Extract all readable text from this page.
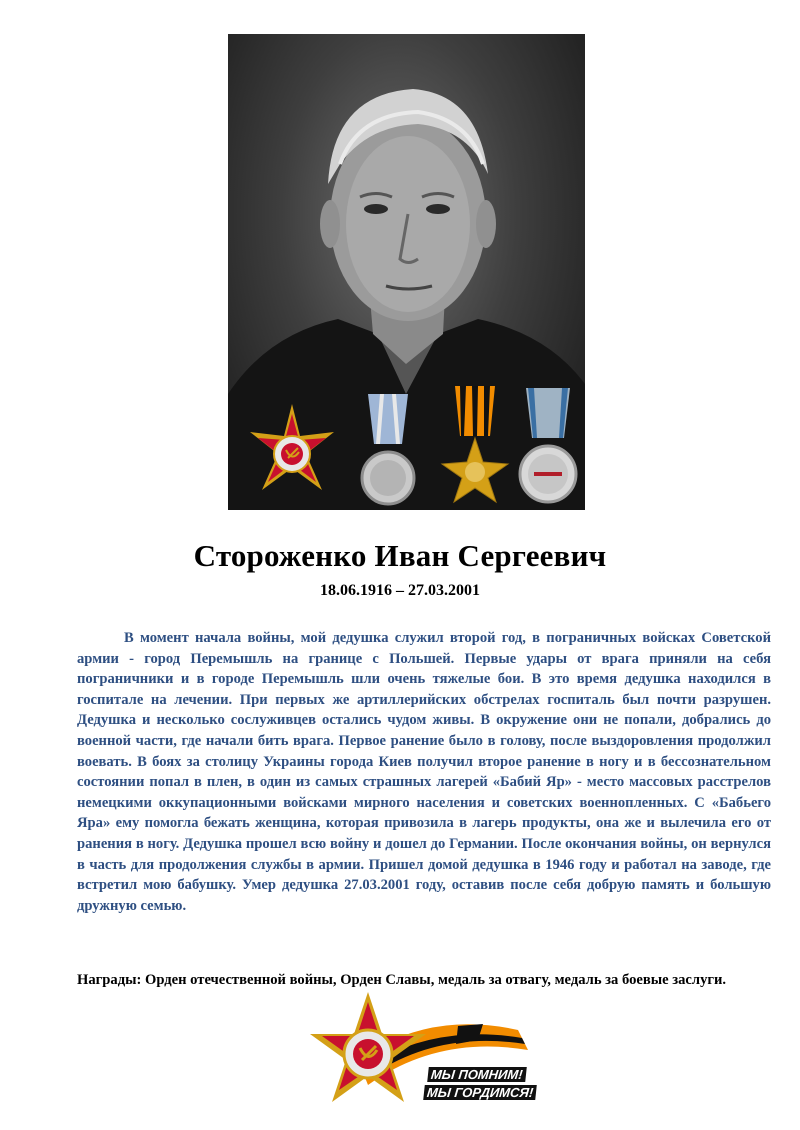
Стороженко Иван Сергеевич
18.06.1916 – 27.03.2001

В момент начала войны, мой дедушка служил второй год, в пограничных войсках Советской армии - город Перемышль на границе с Польшей. Первые удары от врага приняли на себя пограничники и в городе Перемышль шли очень тяжелые бои. В это время дедушка находился в госпитале на лечении. При первых же артиллерийских обстрелах госпиталь был почти разрушен. Дедушка и несколько сослуживцев остались чудом живы. В окружение они не попали, добрались до военной части, где начали бить врага. Первое ранение было в голову, после выздоровления продолжил воевать. В боях за столицу Украины города Киев получил второе ранение в ногу и в бессознательном состоянии попал в плен, в один из самых страшных лагерей «Бабий Яр» - место массовых расстрелов немецкими оккупационными войсками мирного населения и советских военнопленных. С «Бабьего Яра» ему помогла бежать женщина, которая привозила в лагерь продукты, она же и вылечила его от ранения в ногу. Дедушка прошел всю войну и дошел до Германии. После окончания войны, он вернулся в часть для продолжения службы в армии. Пришел домой дедушка в 1946 году и работал на заводе, где встретил мою бабушку. Умер дедушка 27.03.2001 году, оставив после себя добрую память и большую дружную семью.

Награды: Орден отечественной войны, Орден Славы, медаль за отвагу, медаль за боевые заслуги.

МЫ ПОМНИМ!
МЫ ГОРДИМСЯ!
